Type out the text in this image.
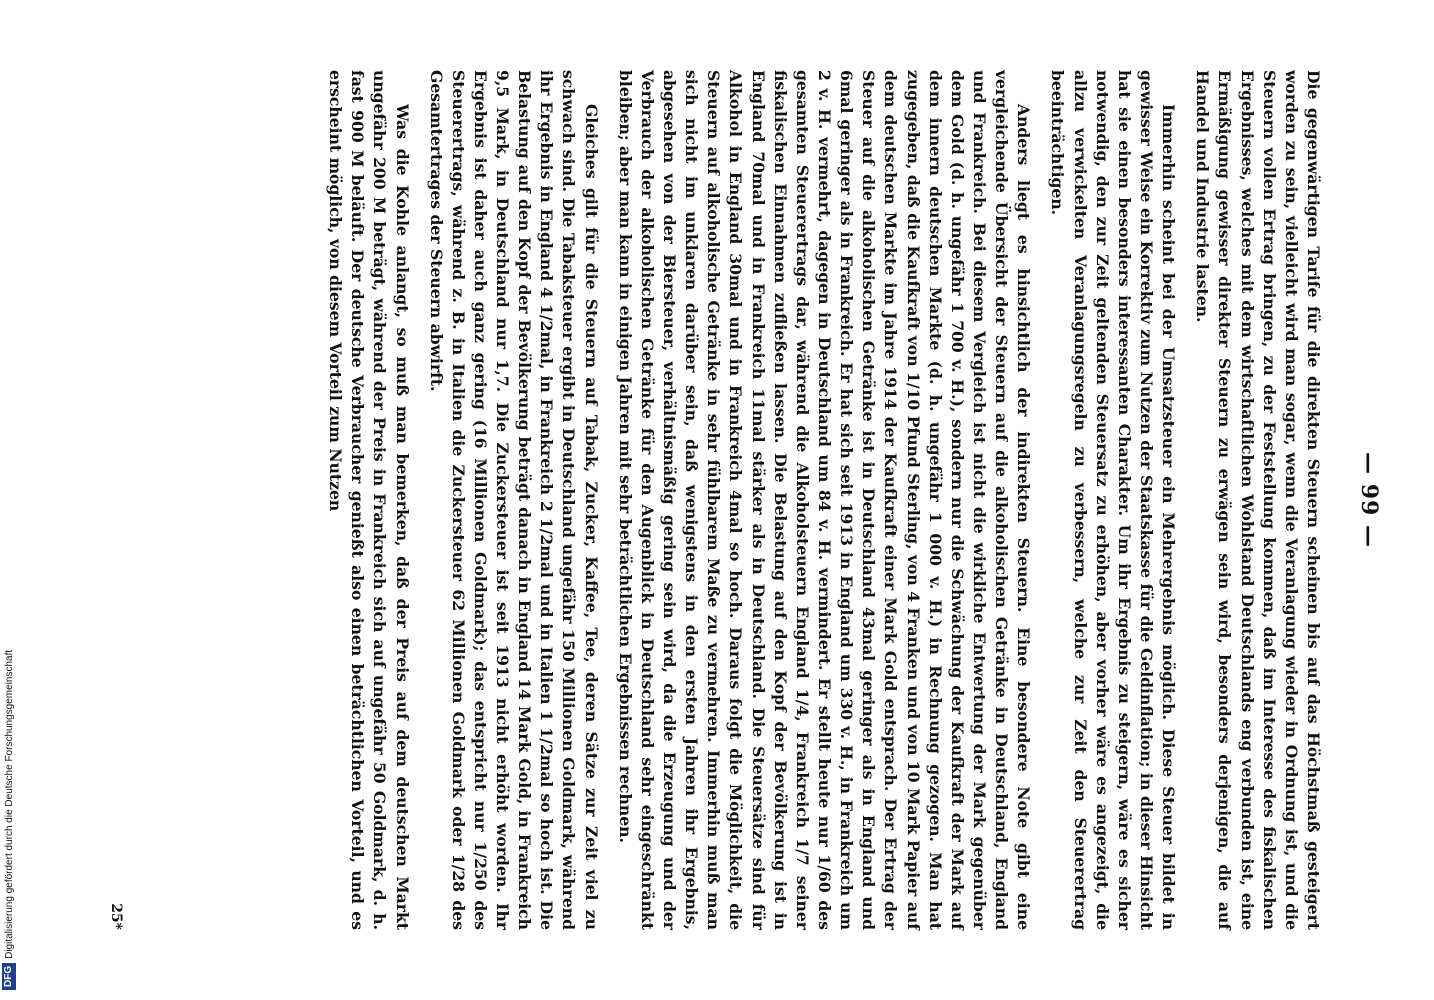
— 99 —

Die gegenwärtigen Tarife für die direkten Steuern scheinen bis auf das Höchstmaß gesteigert worden zu sein, vielleicht wird man sogar, wenn die Veranlagung wieder in Ordnung ist, und die Steuern vollen Ertrag bringen, zu der Feststellung kommen, daß im Interesse des fiskalischen Ergebnisses, welches mit dem wirtschaftlichen Wohlstand Deutschlands eng verbunden ist, eine Ermäßigung gewisser direkter Steuern zu erwägen sein wird, besonders derjenigen, die auf Handel und Industrie lasten.

Immerhin scheint bei der Umsatzsteuer ein Mehrergebnis möglich. Diese Steuer bildet in gewisser Weise ein Korrektiv zum Nutzen der Staatskasse für die Geldinflation; in dieser Hinsicht hat sie einen besonders interessanten Charakter. Um ihr Ergebnis zu steigern, wäre es sicher notwendig, den zur Zeit geltenden Steuersatz zu erhöhen, aber vorher wäre es angezeigt, die allzu verwickelten Veranlagungsregeln zu verbessern, welche zur Zeit den Steuerertrag beeinträchtigen.

Anders liegt es hinsichtlich der indirekten Steuern. Eine besondere Note gibt eine vergleichende Übersicht der Steuern auf die alkoholischen Getränke in Deutschland, England und Frankreich. Bei diesem Vergleich ist nicht die wirkliche Entwertung der Mark gegenüber dem Gold (d. h. ungefähr 1 700 v. H.), sondern nur die Schwächung der Kaufkraft der Mark auf dem innern deutschen Markte (d. h. ungefähr 1 000 v. H.) in Rechnung gezogen. Man hat zugegeben, daß die Kaufkraft von 1/10 Pfund Sterling, von 4 Franken und von 10 Mark Papier auf dem deutschen Markte im Jahre 1914 der Kaufkraft einer Mark Gold entsprach. Der Ertrag der Steuer auf die alkoholischen Getränke ist in Deutschland 43mal geringer als in England und 6mal geringer als in Frankreich. Er hat sich seit 1913 in England um 330 v. H., in Frankreich um 2 v. H. vermehrt, dagegen in Deutschland um 84 v. H. vermindert. Er stellt heute nur 1/60 des gesamten Steuerertrags dar, während die Alkoholsteuern England 1/4, Frankreich 1/7 seiner fiskalischen Einnahmen zufließen lassen. Die Belastung auf den Kopf der Bevölkerung ist in England 70mal und in Frankreich 11mal stärker als in Deutschland. Die Steuersätze sind für Alkohol in England 30mal und in Frankreich 4mal so hoch. Daraus folgt die Möglichkeit, die Steuern auf alkoholische Getränke in sehr fühlbarem Maße zu vermehren. Immerhin muß man sich nicht im unklaren darüber sein, daß wenigstens in den ersten Jahren ihr Ergebnis, abgesehen von der Biersteuer, verhältnismäßig gering sein wird, da die Erzeugung und der Verbrauch der alkoholischen Getränke für den Augenblick in Deutschland sehr eingeschränkt bleiben; aber man kann in einigen Jahren mit sehr beträchtlichen Ergebnissen rechnen.

Gleiches gilt für die Steuern auf Tabak, Zucker, Kaffee, Tee, deren Sätze zur Zeit viel zu schwach sind. Die Tabaksteuer ergibt in Deutschland ungefähr 150 Millionen Goldmark, während ihr Ergebnis in England 4 1/2mal, in Frankreich 2 1/2mal und in Italien 1 1/2mal so hoch ist. Die Belastung auf den Kopf der Bevölkerung beträgt danach in England 14 Mark Gold, in Frankreich 9,5 Mark, in Deutschland nur 1,7. Die Zuckersteuer ist seit 1913 nicht erhöht worden. Ihr Ergebnis ist daher auch ganz gering (16 Millionen Goldmark); das entspricht nur 1/250 des Steuerertrags, während z. B. in Italien die Zuckersteuer 62 Millionen Goldmark oder 1/28 des Gesamtertrages der Steuern abwirft.

Was die Kohle anlangt, so muß man bemerken, daß der Preis auf dem deutschen Markt ungefähr 200 M beträgt, während der Preis in Frankreich sich auf ungefähr 50 Goldmark, d. h. fast 900 M beläuft. Der deutsche Verbraucher genießt also einen beträchtlichen Vorteil, und es erscheint möglich, von diesem Vorteil zum Nutzen

25*
DFG
Digitalisierung gefördert durch die Deutsche Forschungsgemeinschaft
